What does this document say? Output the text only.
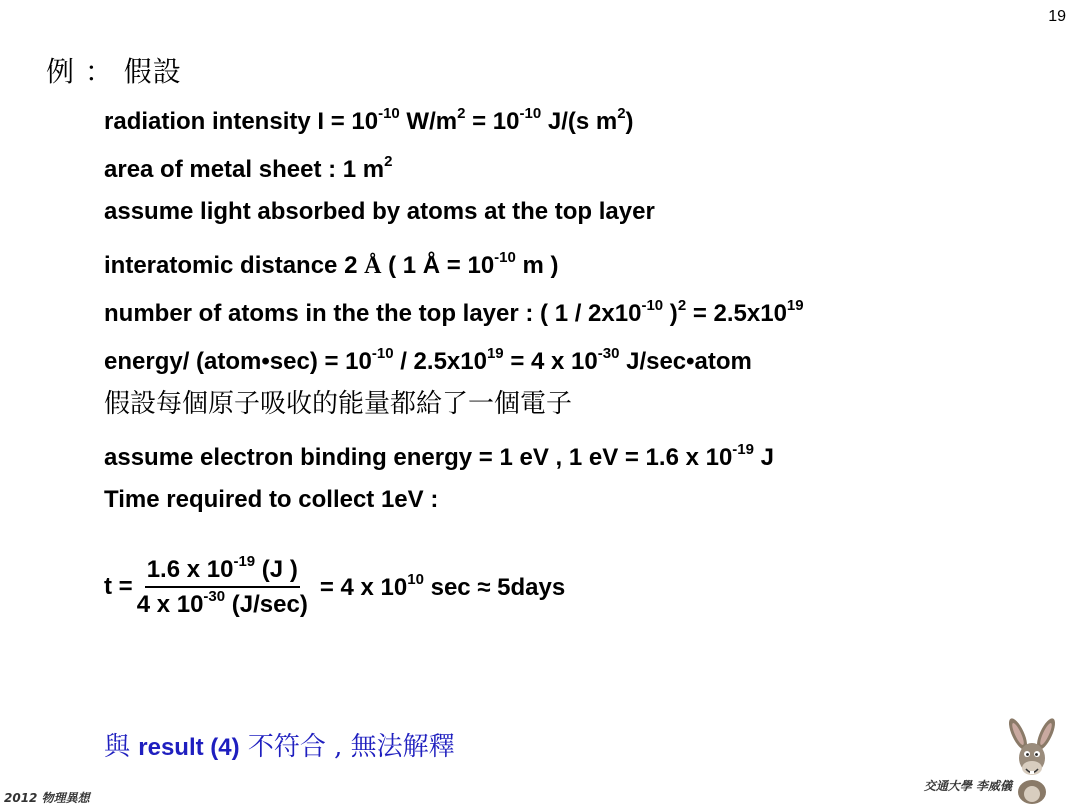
19
例 ： 假設
radiation intensity $I = 10^{-10}$ $W/m^2 = 10^{-10}$ J/(s $m^2$)
area of metal sheet : 1 $m^2$
assume light absorbed by atoms at the top layer
interatomic distance 2 Å ( 1 Å = $10^{-10}$ m )
number of atoms in the the top layer : ( $1 / 2x10^{-10}$ )$^2 = 2.5x10^{19}$
energy/ (atom•sec) = $10^{-10} / 2.5x10^{19} = 4$ x $10^{-30}$ J/sec•atom
假設每個原子吸收的能量都給了一個電子
assume electron binding energy = 1 eV , 1 eV = 1.6 x $10^{-19}$ J
Time required to collect 1eV :
$t = \frac{1.6 x 10^{-19} (J )}{4 x 10^{-30} (J/\sec)} = 4$ x $10^{10}$ sec ≈ 5days
與 result (4) 不符合 , 無法解釋
2012 物理異想
交通大學 李威儀
